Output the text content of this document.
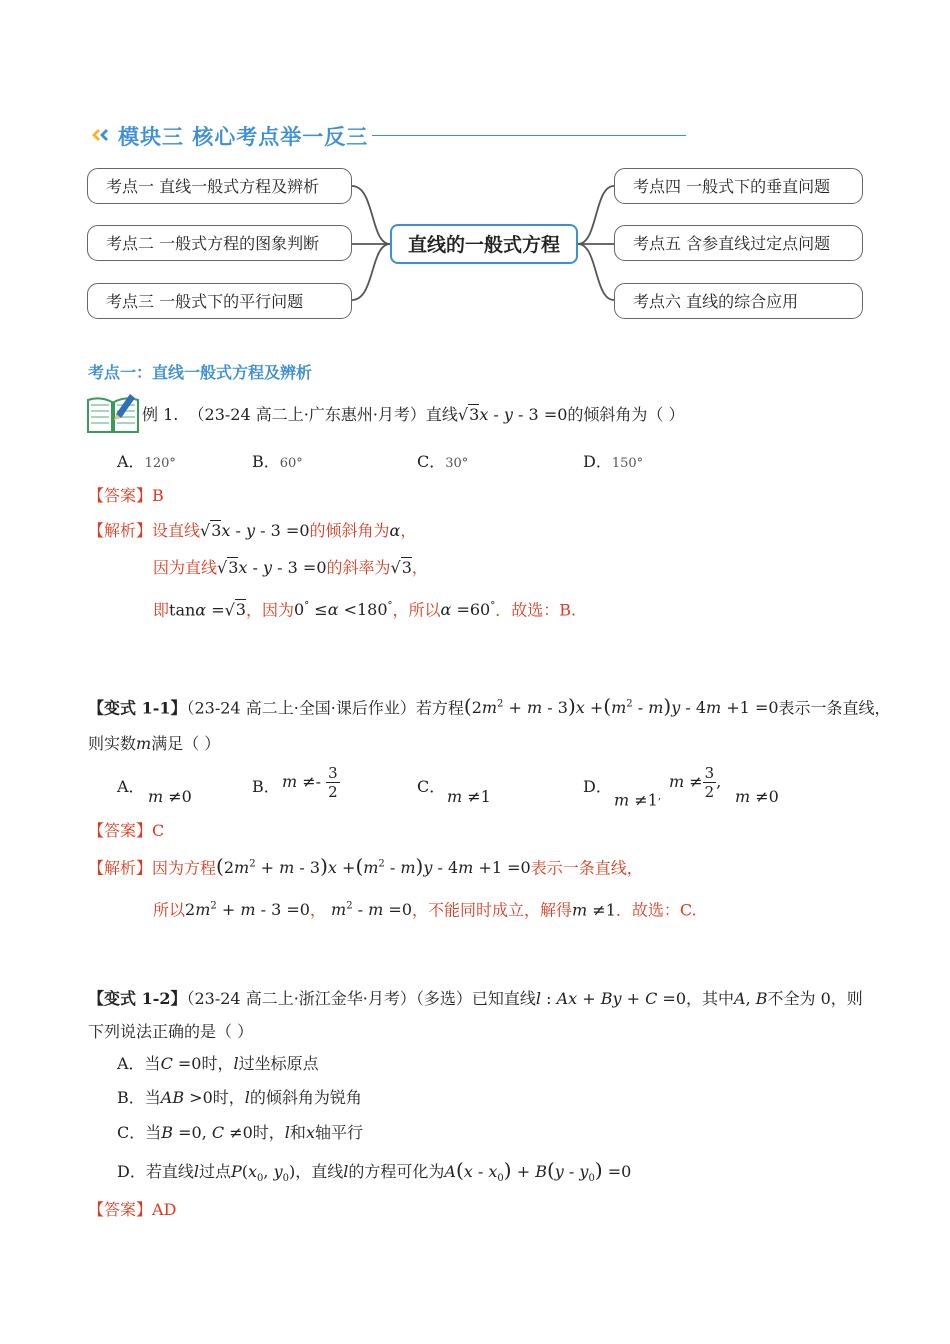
模块三 核心考点举一反三
考点一 直线一般式方程及辨析
考点二 一般式方程的图象判断
考点三 一般式下的平行问题
直线的一般式方程
考点四 一般式下的垂直问题
考点五 含参直线过定点问题
考点六 直线的综合应用
考点一：直线一般式方程及辨析
例 1. （23-24 高二上·广东惠州·月考）直线√3x - y - 3 =0的倾斜角为（ ）
A．120°	B．60°	C．30°	D．150°
【答案】B
【解析】设直线√3x - y - 3 =0的倾斜角为α，
因为直线√3x - y - 3 =0的斜率为√3，
即tanα =√3，因为0° ≤α <180°，所以α =60°．故选：B.
【变式 1-1】（23-24 高二上·全国·课后作业）若方程$(2m^2 + m - 3)x +(m^2 - m)y - 4m +1 =0$表示一条直线，
则实数m满足（ ）
A．
m ≠0
B． $m \ne- \frac{3}{2}$	C．
m ≠1
D．
m ≠1,
$m \ne \frac{3}{2}$ ,
m ≠0
【答案】C
【解析】因为方程$(2m^2 + m - 3)x +(m^2 - m)y - 4m +1 =0$表示一条直线，
所以$2m^2 + m - 3 =0$， $m^2 - m =0$，不能同时成立，解得m ≠1．故选：C.
【变式 1-2】（23-24 高二上·浙江金华·月考）（多选）已知直线l : Ax + By + C =0，其中A, B不全为 0，则
下列说法正确的是（ ）
A．当C =0时，l过坐标原点
B．当AB >0时，l的倾斜角为锐角
C．当B =0, C ≠0时，l和x轴平行
D．若直线l过点$P(x_0$, $y_0$)，直线l的方程可化为$A(x - x_0) + B(y - y_0) =0$
【答案】AD
